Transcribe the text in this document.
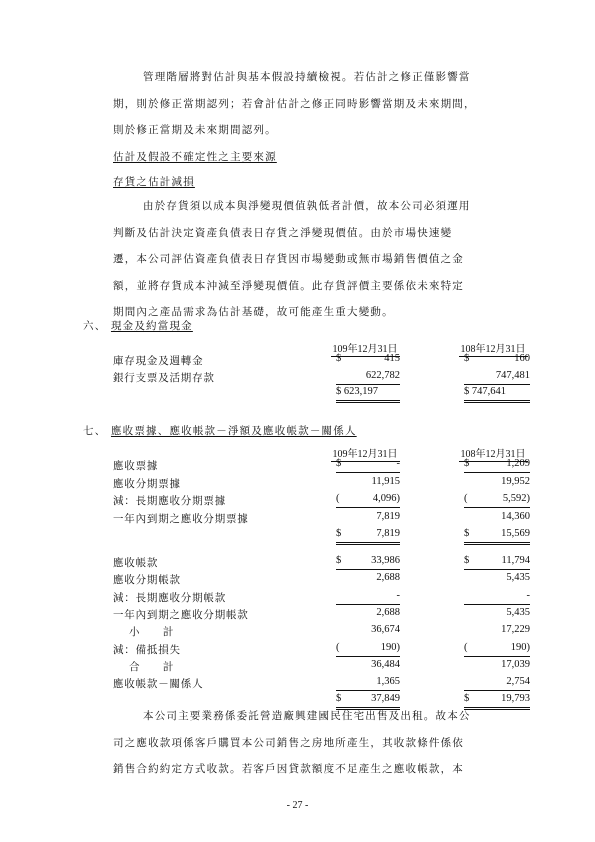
管理階層將對估計與基本假設持續檢視。若估計之修正僅影響當
期，則於修正當期認列；若會計估計之修正同時影響當期及未來期間，
則於修正當期及未來期間認列。
估計及假設不確定性之主要來源
存貨之估計減損
由於存貨須以成本與淨變現價值孰低者計價，故本公司必須運用
判斷及估計決定資產負債表日存貨之淨變現價值。由於市場快速變
遷，本公司評估資產負債表日存貨因市場變動或無市場銷售價值之金
額，並將存貨成本沖減至淨變現價值。此存貨評價主要係依未來特定
期間內之產品需求為估計基礎，故可能產生重大變動。
六、 現金及約當現金
109年12月31日	108年12月31日
庫存現金及週轉金	$	415	$	160
銀行支票及活期存款	622,782	747,481
$ 623,197	$ 747,641
七、 應收票據、應收帳款－淨額及應收帳款－關係人
109年12月31日	108年12月31日
應收票據	$	-	$	1,209
應收分期票據	11,915	19,952
減：長期應收分期票據	(	4,096)	(	5,592)
一年內到期之應收分期票據	7,819	14,360
$	7,819	$	15,569
應收帳款	$	33,986	$	11,794
應收分期帳款	2,688	5,435
減：長期應收分期帳款	-	-
一年內到期之應收分期帳款	2,688	5,435
小　　計	36,674	17,229
減：備抵損失	(	190)	(	190)
合　　計	36,484	17,039
應收帳款－關係人	1,365	2,754
$	37,849	$	19,793
本公司主要業務係委託營造廠興建國民住宅出售及出租。故本公
司之應收款項係客戶購買本公司銷售之房地所產生，其收款條件係依
銷售合約約定方式收款。若客戶因貸款額度不足產生之應收帳款，本
- 27 -
